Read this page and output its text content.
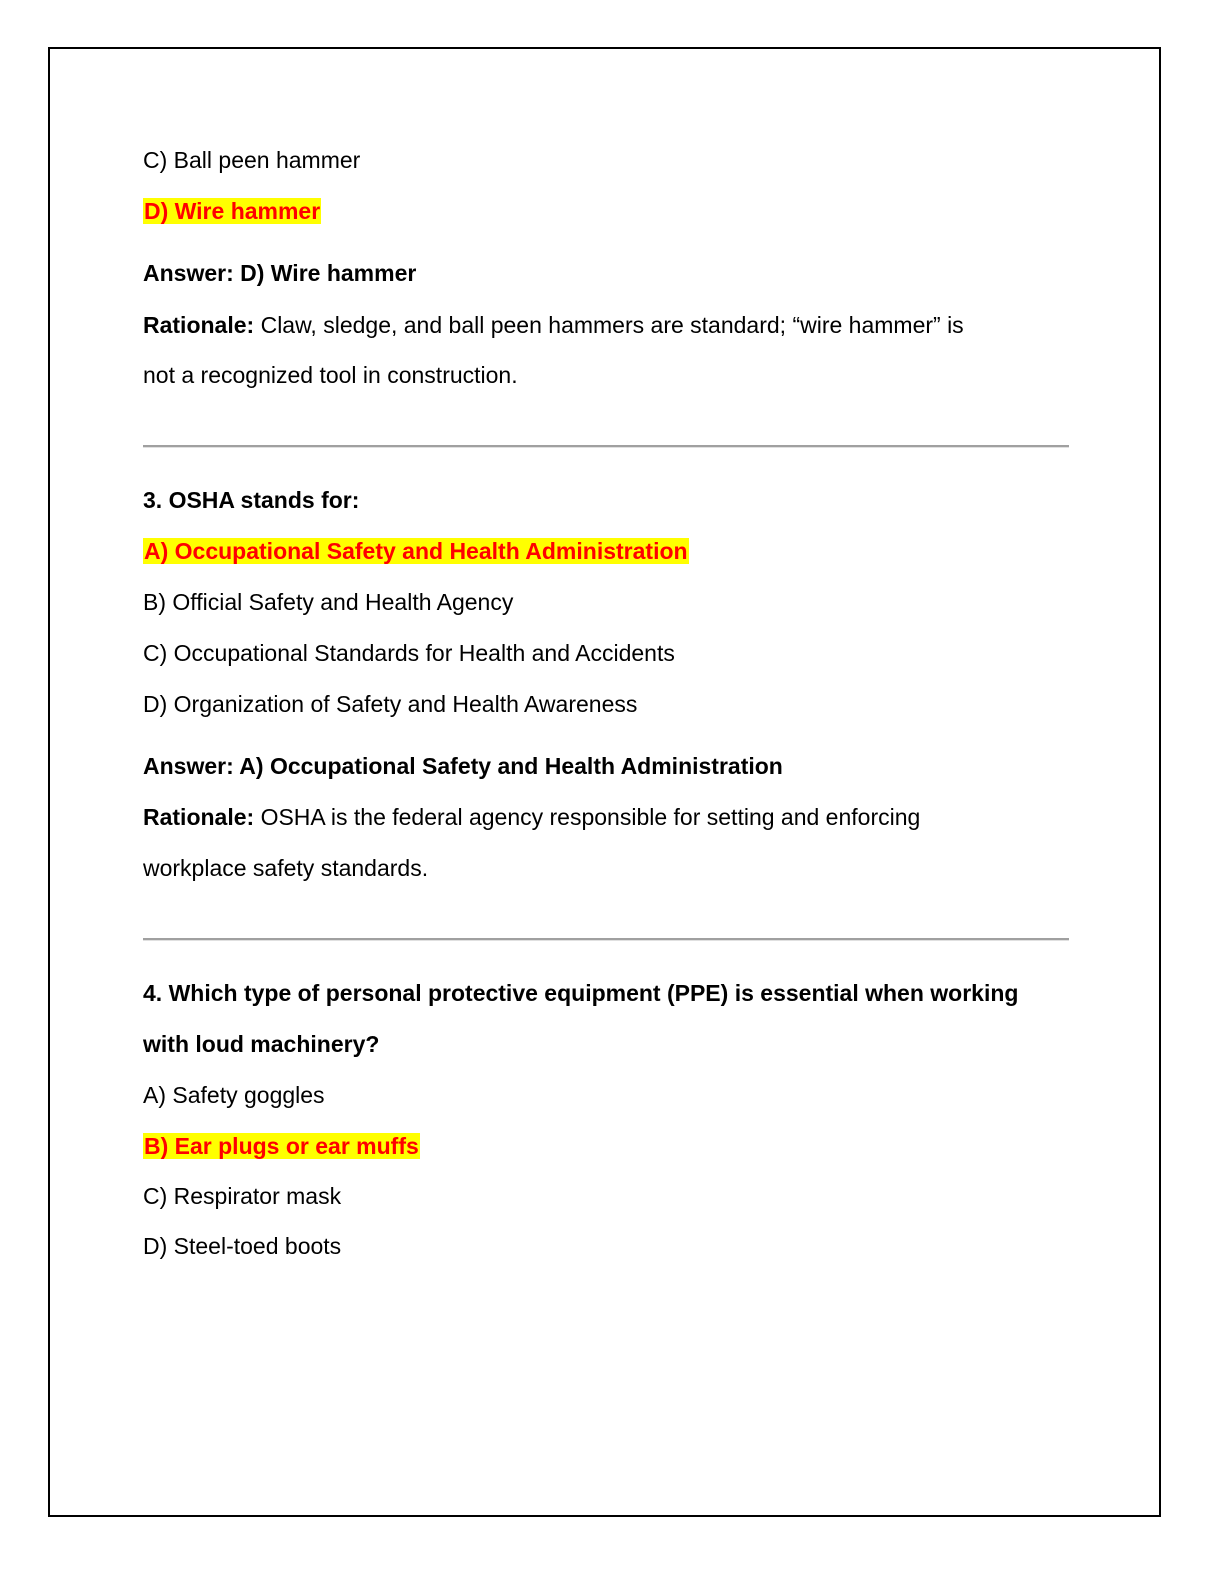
C) Ball peen hammer
D) Wire hammer
Answer: D) Wire hammer
Rationale: Claw, sledge, and ball peen hammers are standard; “wire hammer” is
not a recognized tool in construction.
3. OSHA stands for:
A) Occupational Safety and Health Administration
B) Official Safety and Health Agency
C) Occupational Standards for Health and Accidents
D) Organization of Safety and Health Awareness
Answer: A) Occupational Safety and Health Administration
Rationale: OSHA is the federal agency responsible for setting and enforcing
workplace safety standards.
4. Which type of personal protective equipment (PPE) is essential when working
with loud machinery?
A) Safety goggles
B) Ear plugs or ear muffs
C) Respirator mask
D) Steel-toed boots
